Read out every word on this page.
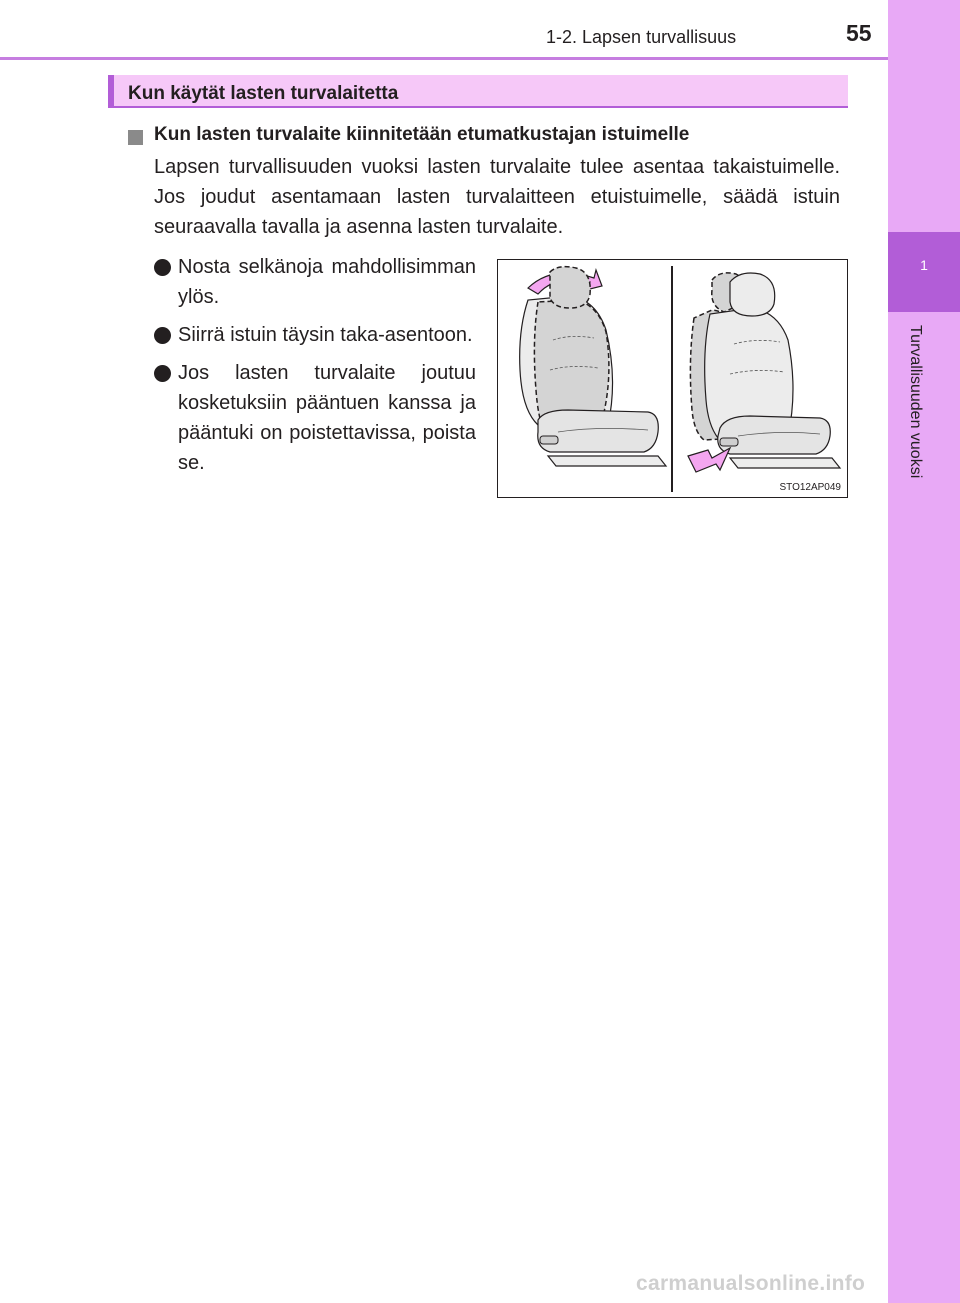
1
Turvallisuuden vuoksi
1-2. Lapsen turvallisuus	55
Kun käytät lasten turvalaitetta
Kun lasten turvalaite kiinnitetään etumatkustajan istuimelle
Lapsen turvallisuuden vuoksi lasten turvalaite tulee asentaa takaistuimelle. Jos joudut asentamaan lasten turvalaitteen etuistuimelle, säädä istuin seuraavalla tavalla ja asenna lasten turvalaite.
Nosta selkänoja mahdollisimman ylös.
Siirrä istuin täysin taka-asentoon.
Jos lasten turvalaite joutuu kosketuksiin pääntuen kanssa ja pääntuki on poistettavissa, poista se.
STO12AP049
carmanualsonline.info
